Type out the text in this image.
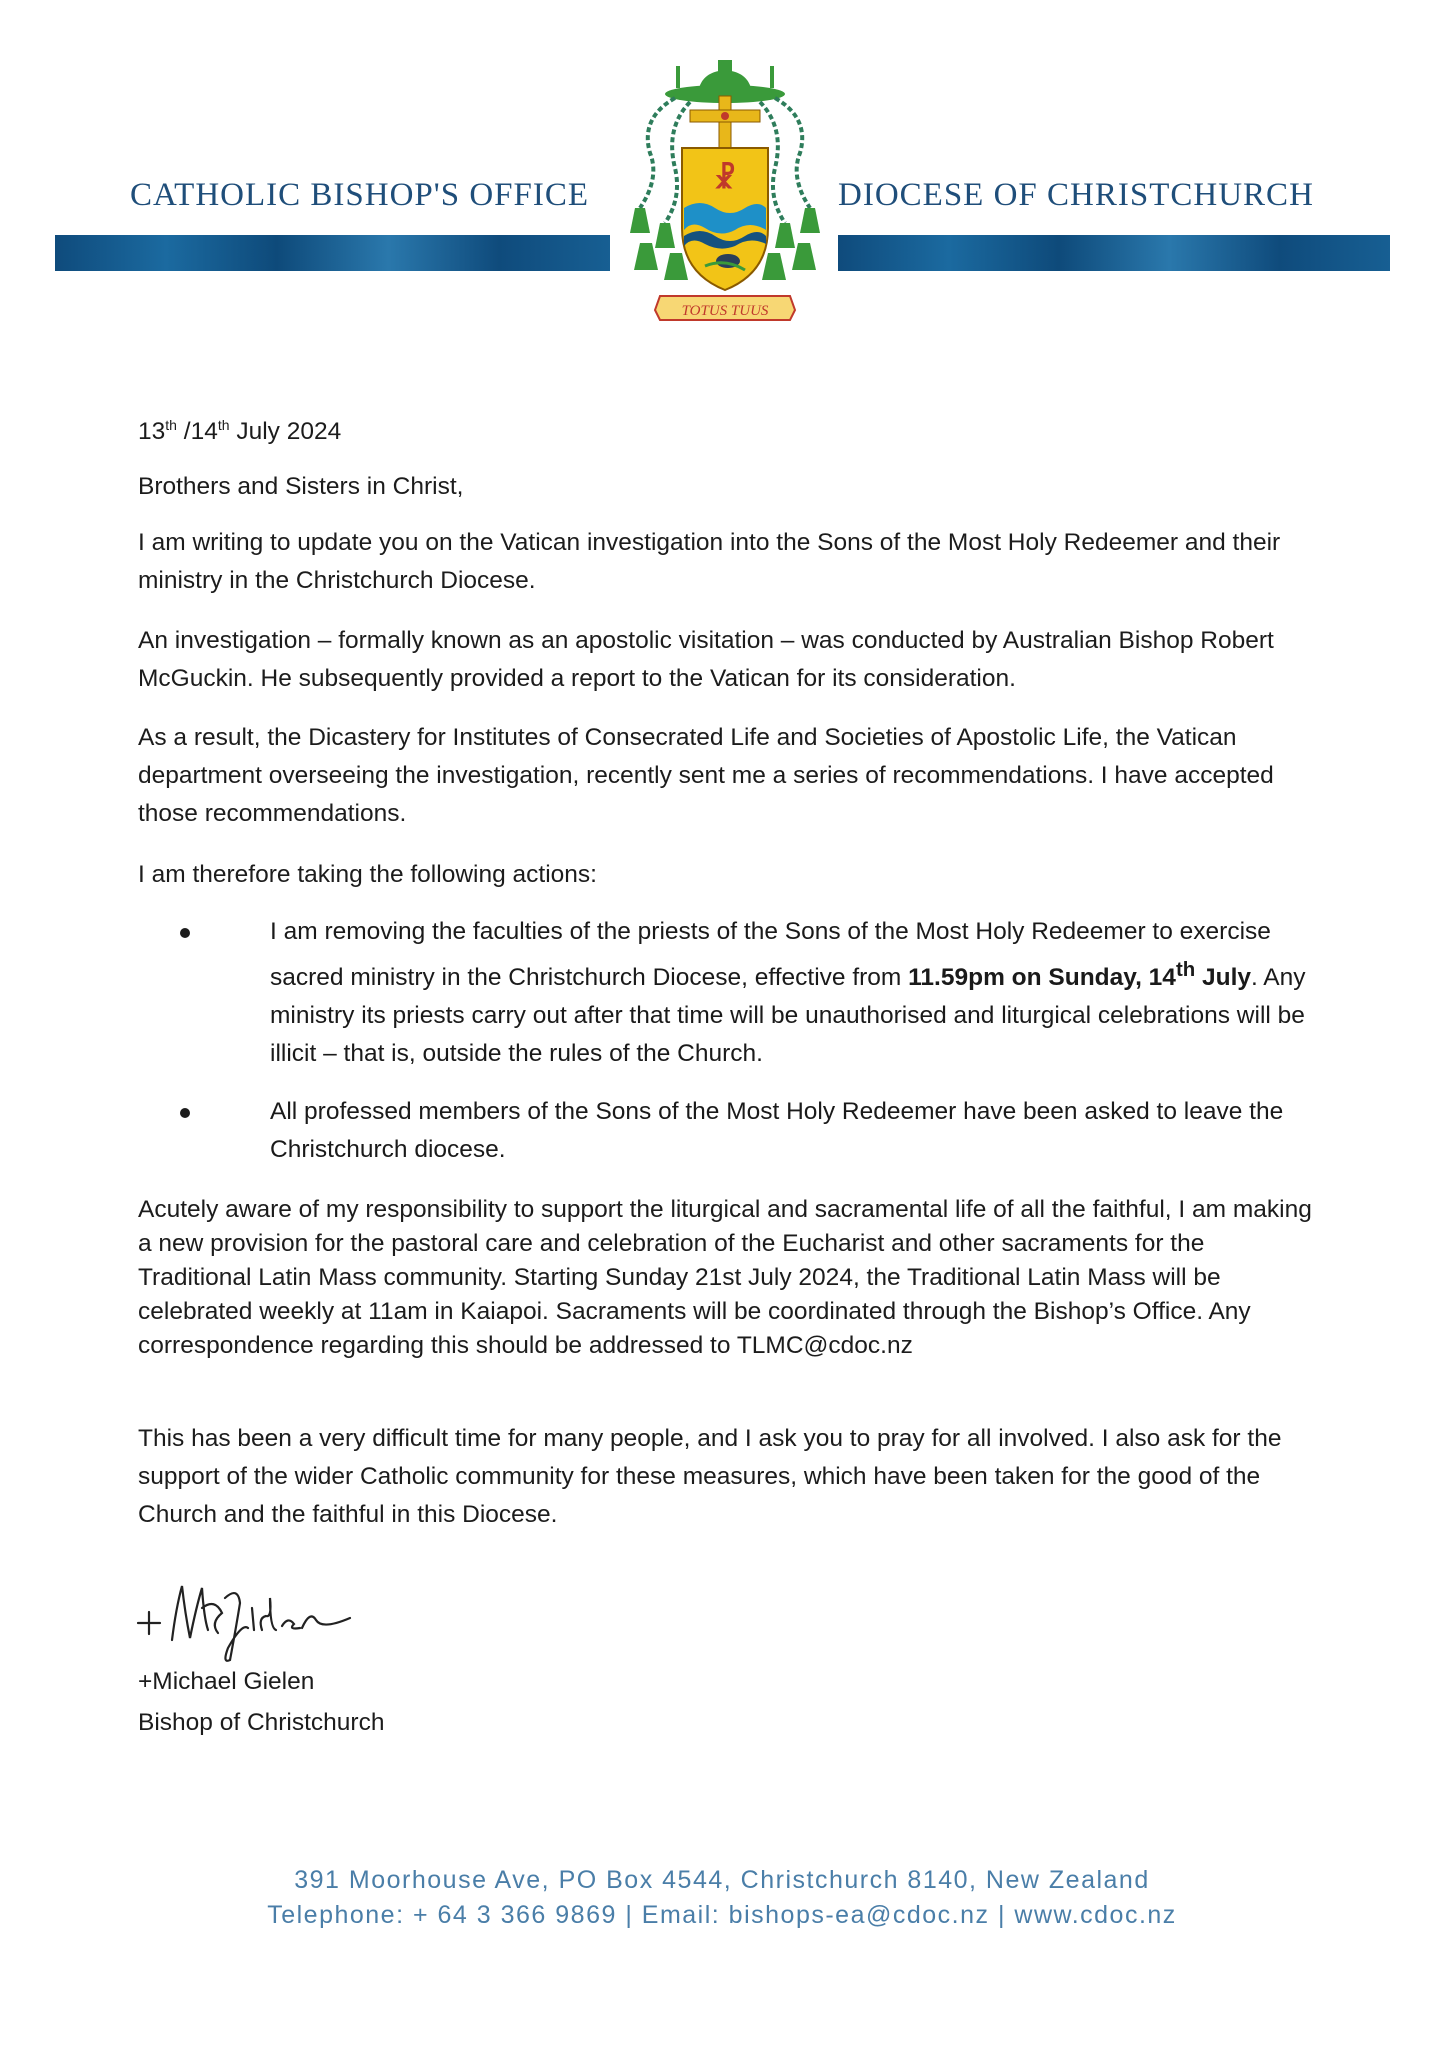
CATHOLIC BISHOP'S OFFICE	DIOCESE OF CHRISTCHURCH
☧
TOTUS TUUS
13th /14th July 2024

Brothers and Sisters in Christ,

I am writing to update you on the Vatican investigation into the Sons of the Most Holy Redeemer and their ministry in the Christchurch Diocese.

An investigation – formally known as an apostolic visitation – was conducted by Australian Bishop Robert McGuckin. He subsequently provided a report to the Vatican for its consideration.

As a result, the Dicastery for Institutes of Consecrated Life and Societies of Apostolic Life, the Vatican department overseeing the investigation, recently sent me a series of recommendations. I have accepted those recommendations.

I am therefore taking the following actions:

I am removing the faculties of the priests of the Sons of the Most Holy Redeemer to exercise sacred ministry in the Christchurch Diocese, effective from 11.59pm on Sunday, 14th July. Any ministry its priests carry out after that time will be unauthorised and liturgical celebrations will be illicit – that is, outside the rules of the Church.
All professed members of the Sons of the Most Holy Redeemer have been asked to leave the Christchurch diocese.

Acutely aware of my responsibility to support the liturgical and sacramental life of all the faithful, I am making a new provision for the pastoral care and celebration of the Eucharist and other sacraments for the Traditional Latin Mass community. Starting Sunday 21st July 2024, the Traditional Latin Mass will be celebrated weekly at 11am in Kaiapoi. Sacraments will be coordinated through the Bishop’s Office. Any correspondence regarding this should be addressed to TLMC@cdoc.nz

This has been a very difficult time for many people, and I ask you to pray for all involved. I also ask for the support of the wider Catholic community for these measures, which have been taken for the good of the Church and the faithful in this Diocese.

+Michael Gielen

Bishop of Christchurch

391 Moorhouse Ave, PO Box 4544, Christchurch 8140, New Zealand
Telephone: + 64 3 366 9869 | Email: bishops-ea@cdoc.nz | www.cdoc.nz
